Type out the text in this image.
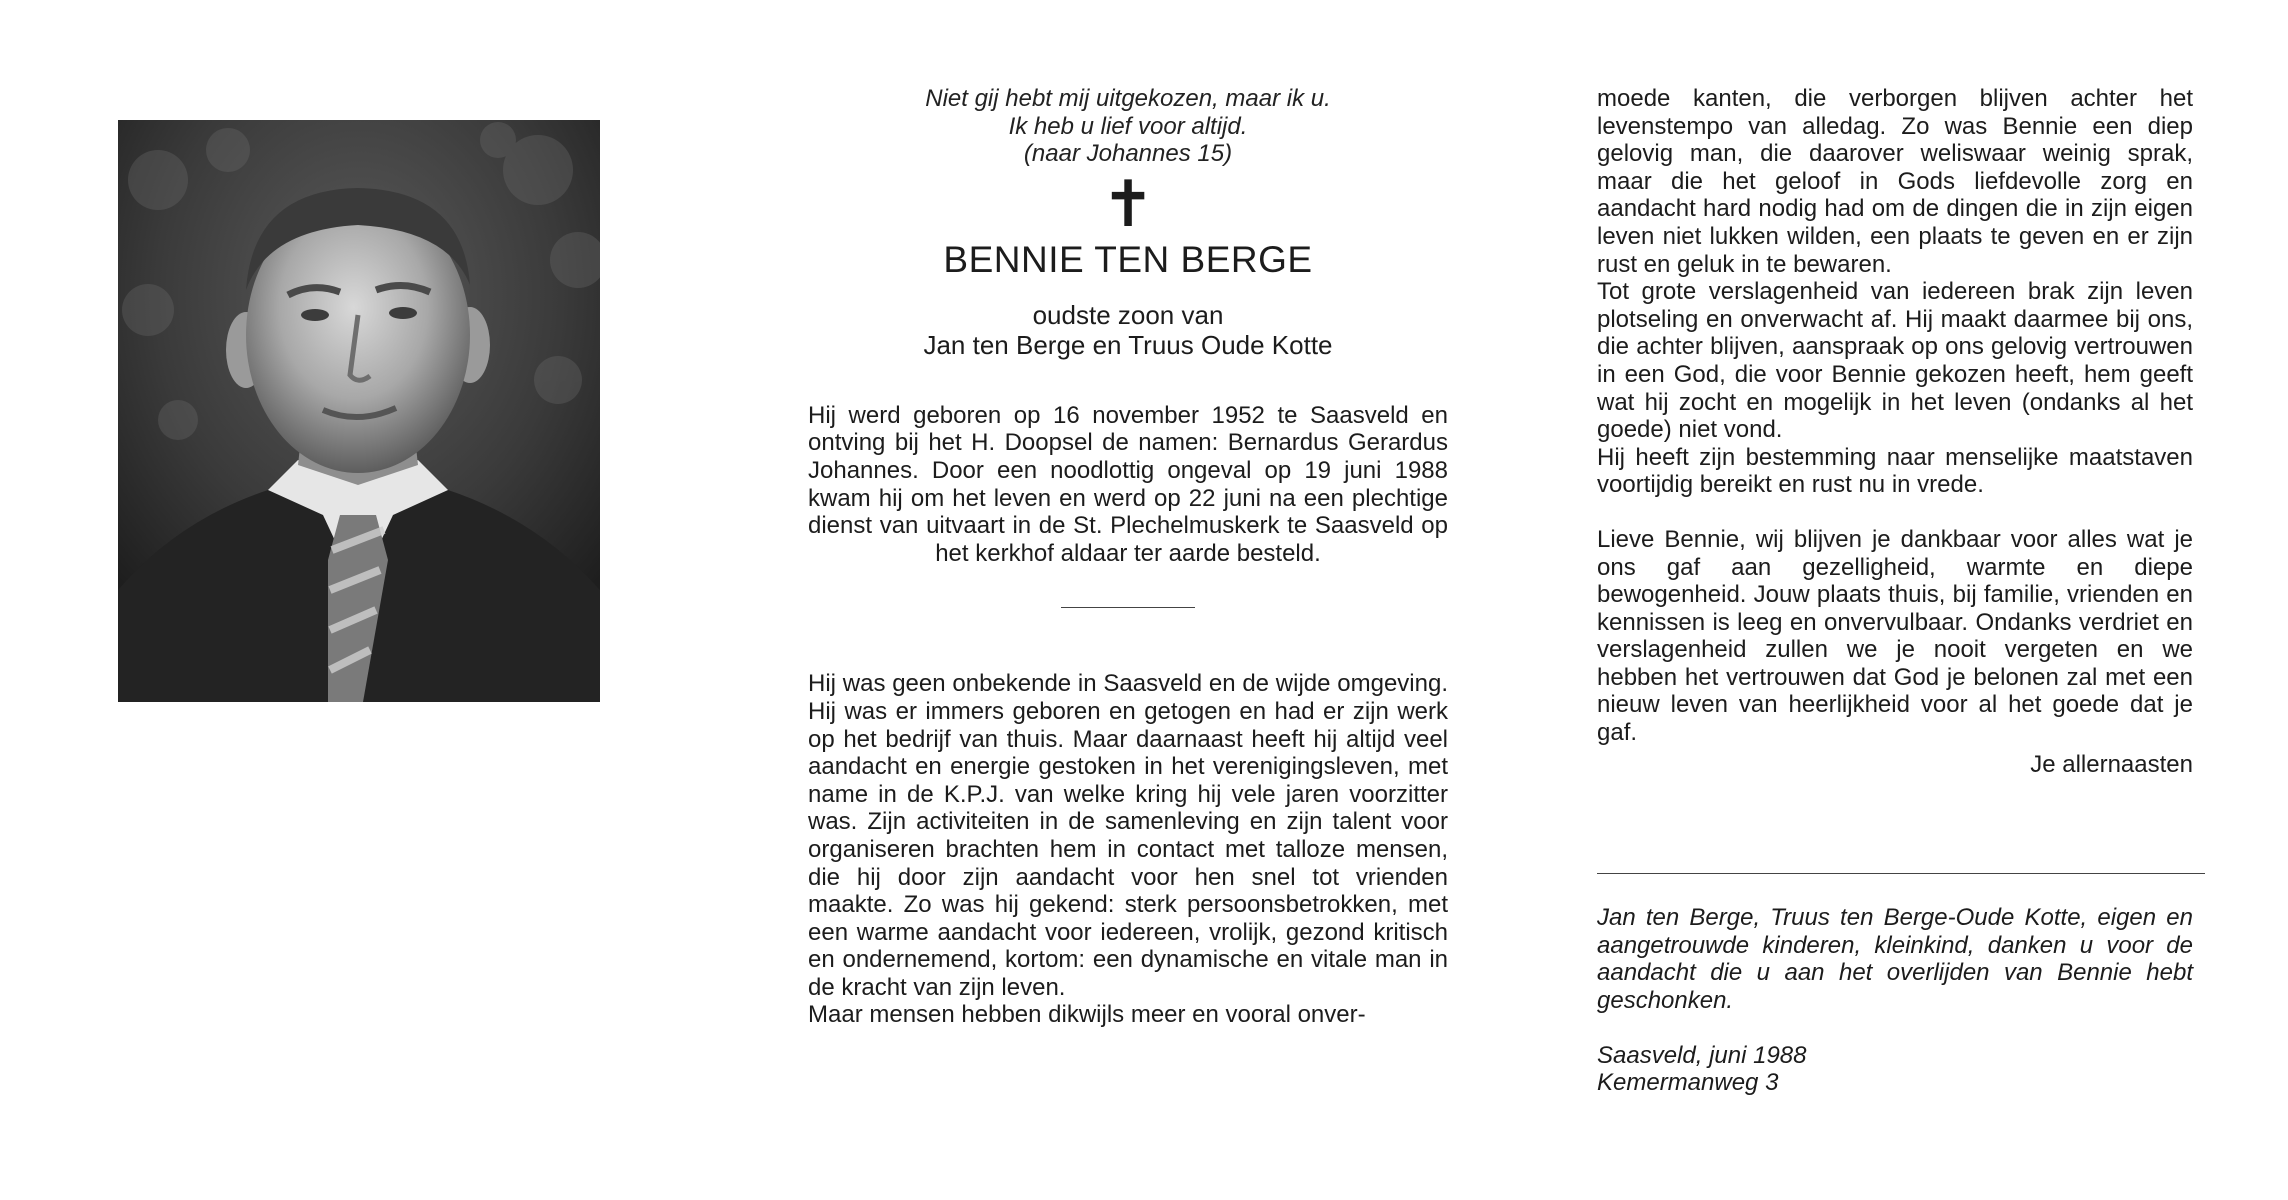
Niet gij hebt mij uitgekozen, maar ik u.

Ik heb u lief voor altijd.

(naar Johannes 15)

✝
BENNIE TEN BERGE

oudste zoon van

Jan ten Berge en Truus Oude Kotte

Hij werd geboren op 16 november 1952 te Saasveld en ontving bij het H. Doopsel de namen: Bernardus Gerardus Johannes. Door een noodlottig ongeval op 19 juni 1988 kwam hij om het leven en werd op 22 juni na een plechtige dienst van uitvaart in de St. Plechelmuskerk te Saasveld op het kerkhof aldaar ter aarde besteld.

Hij was geen onbekende in Saasveld en de wijde omgeving. Hij was er immers geboren en getogen en had er zijn werk op het bedrijf van thuis. Maar daarnaast heeft hij altijd veel aandacht en energie gestoken in het verenigingsleven, met name in de K.P.J. van welke kring hij vele jaren voorzitter was. Zijn activiteiten in de samenleving en zijn talent voor organiseren brachten hem in contact met talloze mensen, die hij door zijn aandacht voor hen snel tot vrienden maakte. Zo was hij gekend: sterk persoonsbetrokken, met een warme aandacht voor iedereen, vrolijk, gezond kritisch en ondernemend, kortom: een dynamische en vitale man in de kracht van zijn leven.

Maar mensen hebben dikwijls meer en vooral onver-

moede kanten, die verborgen blijven achter het levenstempo van alledag. Zo was Bennie een diep gelovig man, die daarover weliswaar weinig sprak, maar die het geloof in Gods liefdevolle zorg en aandacht hard nodig had om de dingen die in zijn eigen leven niet lukken wilden, een plaats te geven en er zijn rust en geluk in te bewaren.

Tot grote verslagenheid van iedereen brak zijn leven plotseling en onverwacht af. Hij maakt daarmee bij ons, die achter blijven, aanspraak op ons gelovig vertrouwen in een God, die voor Bennie gekozen heeft, hem geeft wat hij zocht en mogelijk in het leven (ondanks al het goede) niet vond.

Hij heeft zijn bestemming naar menselijke maatstaven voortijdig bereikt en rust nu in vrede.

Lieve Bennie, wij blijven je dankbaar voor alles wat je ons gaf aan gezelligheid, warmte en diepe bewogenheid. Jouw plaats thuis, bij familie, vrienden en kennissen is leeg en onvervulbaar. Ondanks verdriet en verslagenheid zullen we je nooit vergeten en we hebben het vertrouwen dat God je belonen zal met een nieuw leven van heerlijkheid voor al het goede dat je gaf.

Je allernaasten

Jan ten Berge, Truus ten Berge-Oude Kotte, eigen en aangetrouwde kinderen, kleinkind, danken u voor de aandacht die u aan het overlijden van Bennie hebt geschonken.

Saasveld, juni 1988

Kemermanweg 3
